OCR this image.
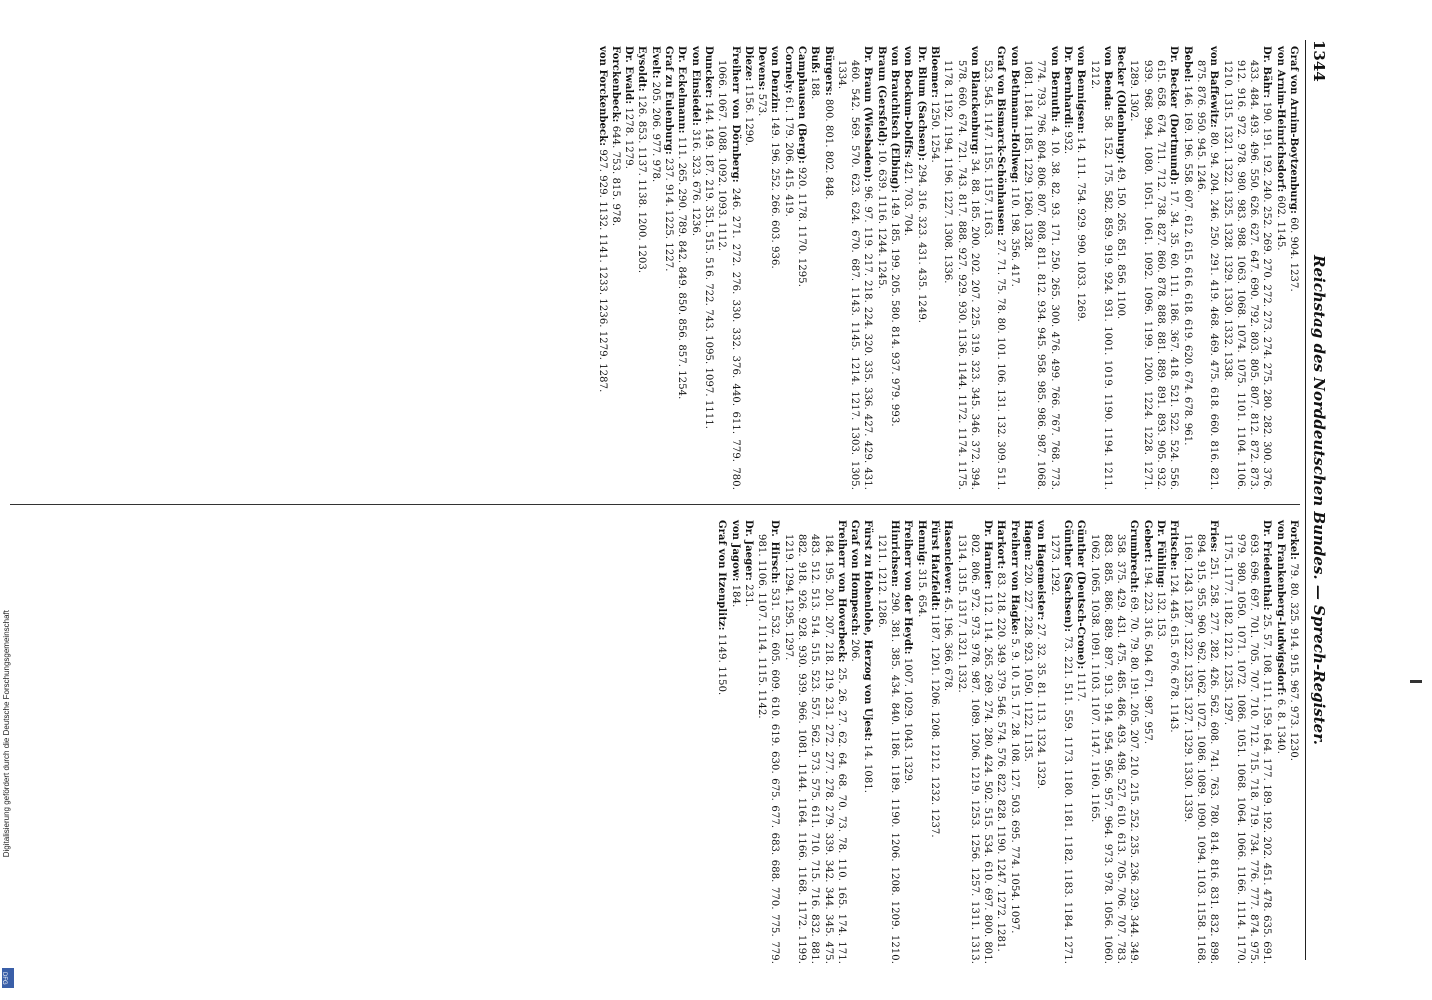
1344
Reichstag des Norddeutschen Bundes. — Sprech-Register.

Graf von Arnim-Boytzenburg: 60. 904. 1237.

von Arnim-Heinrichsdorf: 602. 1145.

Dr. Bähr: 190. 191. 192. 240. 252. 269. 270. 272. 273. 274. 275. 280. 282. 300. 376. 433. 484. 493. 496. 550. 626. 627. 647. 690. 792. 803. 805. 807. 812. 872. 873. 912. 916. 972. 978. 980. 983. 988. 1063. 1068. 1074. 1075. 1101. 1104. 1106. 1210. 1315. 1321. 1322. 1325. 1328. 1329. 1330. 1332. 1338.

von Baffewitz: 80. 94. 204. 246. 250. 291. 419. 468. 469. 475. 618. 660. 816. 821. 875. 876. 950. 945. 1246.

Bebel: 146. 169. 196. 558. 607. 612. 615. 616. 618. 619. 620. 674. 678. 961.

Dr. Becker (Dortmund): 17. 34. 35. 60. 111. 186. 367. 418. 521. 522. 524. 556. 615. 658. 674. 711. 712. 738. 827. 860. 878. 888. 881. 889. 891. 893. 905. 932. 939. 968. 994. 1080. 1051. 1061. 1092. 1096. 1199. 1200. 1224. 1228. 1271. 1289. 1302.

Becker (Oldenburg): 49. 150. 265. 851. 856. 1100.

von Benda: 58. 152. 175. 582. 859. 919. 924. 931. 1001. 1019. 1190. 1194. 1211. 1212.

von Bennigsen: 14. 111. 754. 929. 990. 1033. 1269.

Dr. Bernhardi: 932.

von Bernuth: 4. 10. 38. 82. 93. 171. 250. 265. 300. 476. 499. 766. 767. 768. 773. 774. 793. 796. 804. 806. 807. 808. 811. 812. 934. 945. 958. 985. 986. 987. 1068. 1081. 1184. 1185. 1229. 1260. 1328.

von Bethmann-Hollweg: 110. 198. 356. 417.

Graf von Bismarck-Schönhausen: 27. 71. 75. 78. 80. 101. 106. 131. 132. 309. 511. 523. 545. 1147. 1155. 1157. 1163.

von Blanckenburg: 34. 88. 185. 200. 202. 207. 225. 319. 323. 345. 346. 372. 394. 578. 660. 674. 721. 743. 817. 888. 927. 929. 930. 1136. 1144. 1172. 1174. 1175. 1178. 1192. 1194. 1196. 1227. 1308. 1336.

Bloemer: 1250. 1254.

Dr. Blum (Sachsen): 294. 316. 323. 431. 435. 1249.

von Bockum-Dolffs: 421. 703. 704.

von Brauchitsch (Elbing): 149. 185. 199. 205. 580. 814. 937. 979. 993.

Braun (Gersfeld): 10. 639. 1116. 1244. 1245.

Dr. Braun (Wiesbaden): 96. 97. 119. 217. 218. 224. 320. 335. 336. 427. 429. 431. 460. 542. 569. 570. 623. 624. 670. 687. 1143. 1145. 1214. 1217. 1303. 1305. 1334.

Bürgers: 800. 801. 802. 848.

Buß: 188.

Camphausen (Berg): 920. 1178. 1170. 1295.

Cornely: 61. 179. 206. 415. 419.

von Denzin: 149. 196. 252. 266. 603. 936.

Devens: 573.

Dieze: 1156. 1290.

Freiherr von Dörnberg: 246. 271. 272. 276. 330. 332. 376. 440. 611. 779. 780. 1066. 1067. 1088. 1092. 1093. 1112.

Duncker: 144. 149. 187. 219. 351. 515. 516. 722. 743. 1095. 1097. 1111.

von Einsiedel: 316. 323. 676. 1236.

Dr. Eckelmann: 111. 265. 290. 789. 842. 849. 850. 856. 857. 1254.

Graf zu Eulenburg: 237. 914. 1225. 1227.

Evelt: 205. 206. 977. 978.

Eysoldt: 126. 853. 1137. 1138. 1200. 1203.

Dr. Ewald: 1278. 1279.

Forckenbeck: 644. 753. 815. 978.

von Forckenbeck: 927. 929. 1132. 1141. 1233. 1236. 1279. 1287.

Forkel: 79. 80. 325. 914. 915. 967. 973. 1230.

von Frankenberg-Ludwigsdorf: 6. 8. 1340.

Dr. Friedenthal: 25. 57. 108. 111. 159. 164. 177. 189. 192. 202. 451. 478. 635. 691. 693. 696. 697. 701. 705. 707. 710. 712. 715. 718. 719. 734. 776. 777. 874. 975. 979. 980. 1050. 1071. 1072. 1086. 1051. 1068. 1064. 1066. 1166. 1114. 1170. 1175. 1177. 1182. 1212. 1235. 1297.

Fries: 251. 258. 277. 282. 426. 562. 608. 741. 763. 780. 814. 816. 831. 832. 898. 894. 915. 955. 960. 962. 1062. 1072. 1086. 1089. 1090. 1094. 1103. 1158. 1168. 1169. 1243. 1287. 1322. 1325. 1327. 1329. 1330. 1339.

Fritsche: 124. 445. 615. 676. 678. 1143.

Dr. Fühling: 132. 153.

Gebert: 194. 223. 316. 504. 671. 987. 957.

Grumbrecht: 69. 70. 79. 80. 191. 205. 207. 210. 215. 252. 235. 236. 239. 344. 349. 358. 375. 429. 431. 475. 485. 486. 493. 498. 527. 610. 613. 705. 706. 707. 783. 883. 885. 886. 889. 897. 913. 914. 954. 956. 957. 964. 973. 978. 1056. 1060. 1062. 1065. 1038. 1091. 1103. 1107. 1147. 1160. 1165.

Günther (Deutsch-Crone): 1117.

Günther (Sachsen): 73. 221. 511. 559. 1173. 1180. 1181. 1182. 1183. 1184. 1271. 1273. 1292.

von Hagemeister: 27. 32. 35. 81. 113. 1324. 1329.

Hagen: 220. 227. 228. 923. 1050. 1122. 1135.

Freiherr von Hagke: 5. 9. 10. 15. 17. 28. 108. 127. 503. 695. 774. 1054. 1097.

Harkort: 83. 218. 220. 349. 379. 546. 574. 576. 822. 828. 1190. 1247. 1272. 1281.

Dr. Harnier: 112. 114. 265. 269. 274. 280. 424. 502. 515. 534. 610. 697. 800. 801. 802. 806. 972. 973. 978. 987. 1089. 1206. 1219. 1253. 1256. 1257. 1311. 1313. 1314. 1315. 1317. 1321. 1332.

Hasenclever: 45. 196. 366. 678.

Fürst Hatzfeldt: 1187. 1201. 1206. 1208. 1212. 1232. 1237.

Hennig: 315. 654.

Freiherr von der Heydt: 1007. 1029. 1043. 1329.

Hinrichsen: 290. 381. 385. 434. 840. 1186. 1189. 1190. 1206. 1208. 1209. 1210. 1211. 1212. 1286.

Fürst zu Hohenlohe, Herzog von Ujest: 14. 1081.

Graf von Hompesch: 206.

Freiherr von Hoverbeck: 25. 26. 27. 62. 64. 68. 70. 73. 78. 110. 165. 174. 171. 184. 195. 201. 207. 218. 219. 231. 272. 277. 278. 279. 339. 342. 344. 345. 475. 483. 512. 513. 514. 515. 523. 557. 562. 573. 575. 611. 710. 715. 716. 832. 881. 882. 918. 926. 928. 930. 939. 966. 1081. 1144. 1164. 1166. 1168. 1172. 1199. 1219. 1294. 1295. 1297.

Dr. Hirsch: 531. 532. 605. 609. 610. 619. 630. 675. 677. 683. 688. 770. 775. 779. 981. 1106. 1107. 1114. 1115. 1142.

Dr. Jaeger: 231.

von Jagow: 184.

Graf von Itzenplitz: 1149. 1150.

Digitalisierung gefördert durch die Deutsche Forschungsgemeinschaft
DFG
